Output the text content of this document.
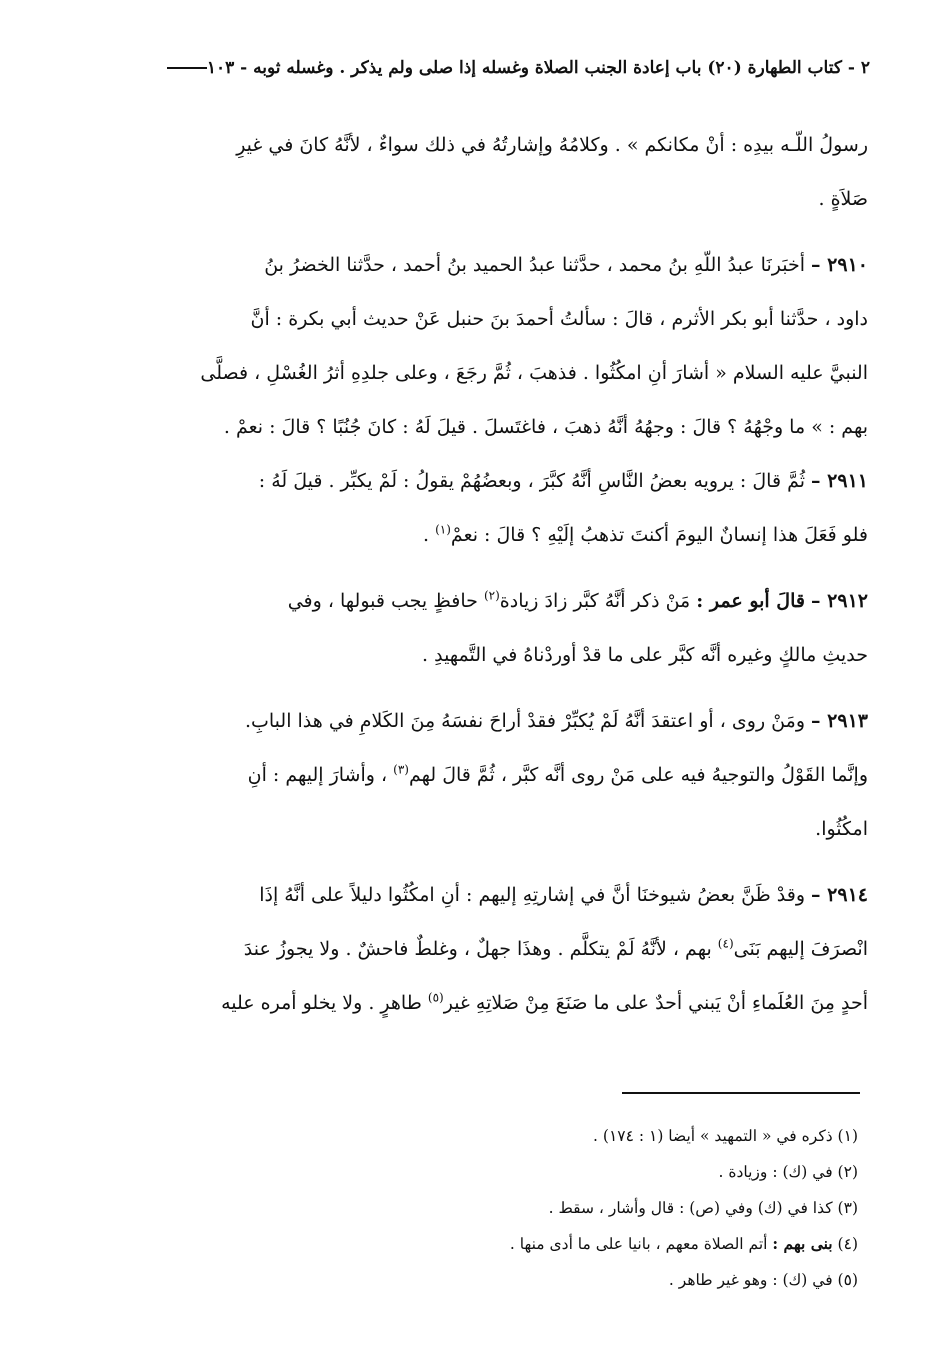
٢ - كتاب الطهارة (٢٠) باب إعادة الجنب الصلاة وغسله إذا صلى ولم يذكر . وغسله ثوبه - ١٠٣

رسولُ اللّـه بيدِه : أنْ مكانكم » . وكلامُهُ وإشارتُهُ في ذلك سواءٌ ، لأنَّهُ كانَ في غيرِ
صَلاَةٍ .

٢٩١٠ – أخبَرنَا عبدُ اللّهِ بنُ محمد ، حدَّثنا عبدُ الحميد بنُ أحمد ، حدَّثنا الخضرُ بنُ
داود ، حدَّثنا أبو بكر الأثرم ، قالَ : سألتُ أحمدَ بنَ حنبل عَنْ حديث أبي بكرة : أنَّ
النبيَّ عليه السلام « أشارَ أنِ امكُثُوا . فذهبَ ، ثُمَّ رجَعَ ، وعلى جلدِهِ أثرُ الغُسْلِ ، فصلَّى
بهم : » ما وجْهُهُ ؟ قالَ : وجهُهُ أنَّهُ ذهبَ ، فاغتَسلَ . قيلَ لَهُ : كانَ جُنُبًا ؟ قالَ : نعمْ .

٢٩١١ – ثُمَّ قالَ : يرويه بعضُ النَّاسِ أنَّهُ كبَّرَ ، وبعضُهُمْ يقولُ : لَمْ يكبِّر . قيلَ لَهُ :
فلو فَعَلَ هذا إنسانٌ اليومَ أكنتَ تذهبُ إلَيْهِ ؟ قالَ : نعمْ$^{(١)}$ .

٢٩١٢ – قالَ أبو عمر : مَنْ ذكر أنَّهُ كبَّر زادَ زيادة$^{(٢)}$ حافظٍ يجب قبولها ، وفي
حديثِ مالكٍ وغيره أنَّه كبَّر على ما قدْ أوردْناهُ في التَّمهيدِ .

٢٩١٣ – ومَنْ روى ، أو اعتقدَ أنَّهُ لَمْ يُكبِّرْ فقدْ أراحَ نفسَهُ مِنَ الكَلامِ في هذا البابِ.
وإنَّما القَوْلُ والتوجيهُ فيه على مَنْ روى أنَّه كبَّر ، ثُمَّ قالَ لهم$^{(٣)}$ ، وأشارَ إليهم : أنِ
امكُثُوا.

٢٩١٤ – وقدْ ظَنَّ بعضُ شيوخنَا أنَّ في إشارتِهِ إليهم : أنِ امكُثُوا دليلاً على أنَّهُ إذَا
انْصرَفَ إليهم بَنَى$^{(٤)}$ بهم ، لأنَّهُ لَمْ يتكلَّم . وهذَا جهلٌ ، وغلطٌ فاحشٌ . ولا يجوزُ عندَ
أحدٍ مِنَ العُلَماءِ أنْ يَبني أحدٌ على ما صَنَعَ مِنْ صَلاتِهِ غير$^{(٥)}$ طاهرٍ . ولا يخلو أمره عليه

(١) ذكره في « التمهيد » أيضا (١ : ١٧٤) .
(٢) في (ك) : وزيادة .
(٣) كذا في (ك) وفي (ص) : قال وأشار ، سقط .
(٤) بنى بهم : أتم الصلاة معهم ، بانيا على ما أدى منها .
(٥) في (ك) : وهو غير طاهر .
